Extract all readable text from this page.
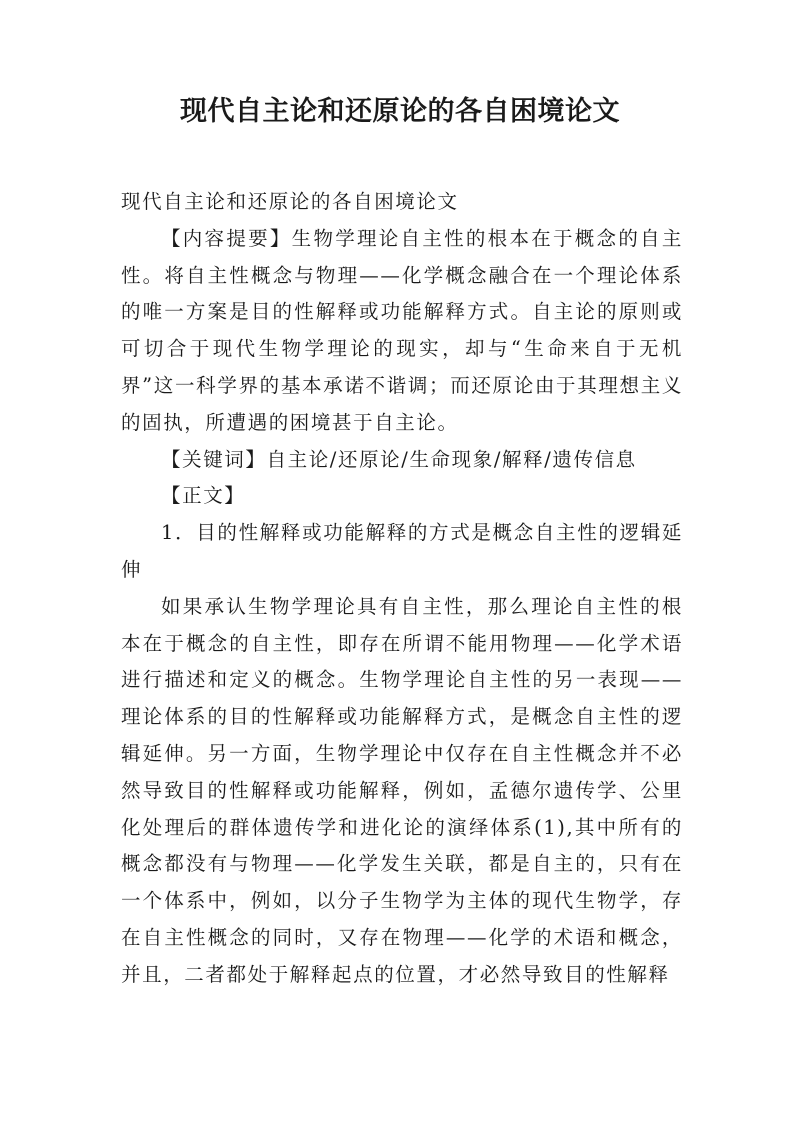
现代自主论和还原论的各自困境论文

现代自主论和还原论的各自困境论文

【内容提要】生物学理论自主性的根本在于概念的自主性。将自主性概念与物理——化学概念融合在一个理论体系的唯一方案是目的性解释或功能解释方式。自主论的原则或可切合于现代生物学理论的现实，却与“生命来自于无机界”这一科学界的基本承诺不谐调；而还原论由于其理想主义的固执，所遭遇的困境甚于自主论。

【关键词】自主论/还原论/生命现象/解释/遗传信息

【正文】

1．目的性解释或功能解释的方式是概念自主性的逻辑延伸

如果承认生物学理论具有自主性，那么理论自主性的根本在于概念的自主性，即存在所谓不能用物理——化学术语进行描述和定义的概念。生物学理论自主性的另一表现——理论体系的目的性解释或功能解释方式，是概念自主性的逻辑延伸。另一方面，生物学理论中仅存在自主性概念并不必然导致目的性解释或功能解释，例如，孟德尔遗传学、公里化处理后的群体遗传学和进化论的演绎体系(1),其中所有的概念都没有与物理——化学发生关联，都是自主的，只有在一个体系中，例如，以分子生物学为主体的现代生物学，存在自主性概念的同时，又存在物理——化学的术语和概念，并且，二者都处于解释起点的位置，才必然导致目的性解释
